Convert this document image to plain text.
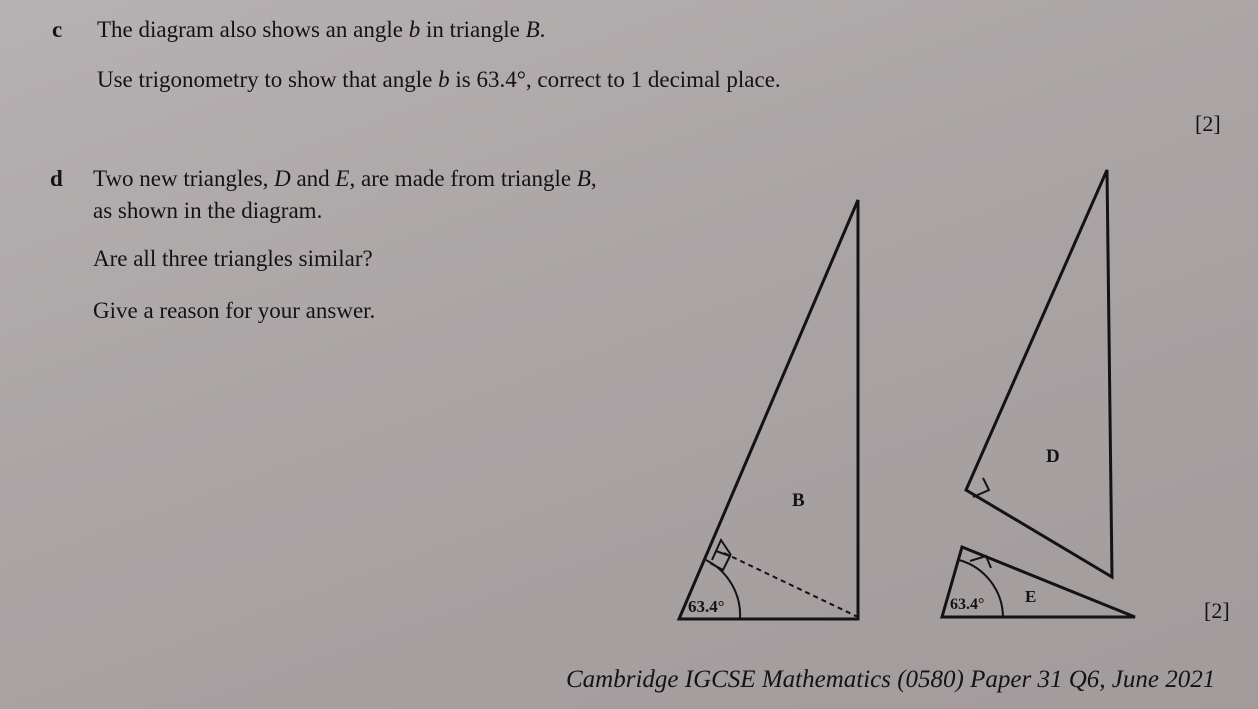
c The diagram also shows an angle b in triangle B.
Use trigonometry to show that angle b is 63.4°, correct to 1 decimal place.
[2]
d Two new triangles, D and E, are made from triangle B,
as shown in the diagram.
Are all three triangles similar?
Give a reason for your answer.
[2]
B
D
E
63.4°	63.4°
Cambridge IGCSE Mathematics (0580) Paper 31 Q6, June 2021
